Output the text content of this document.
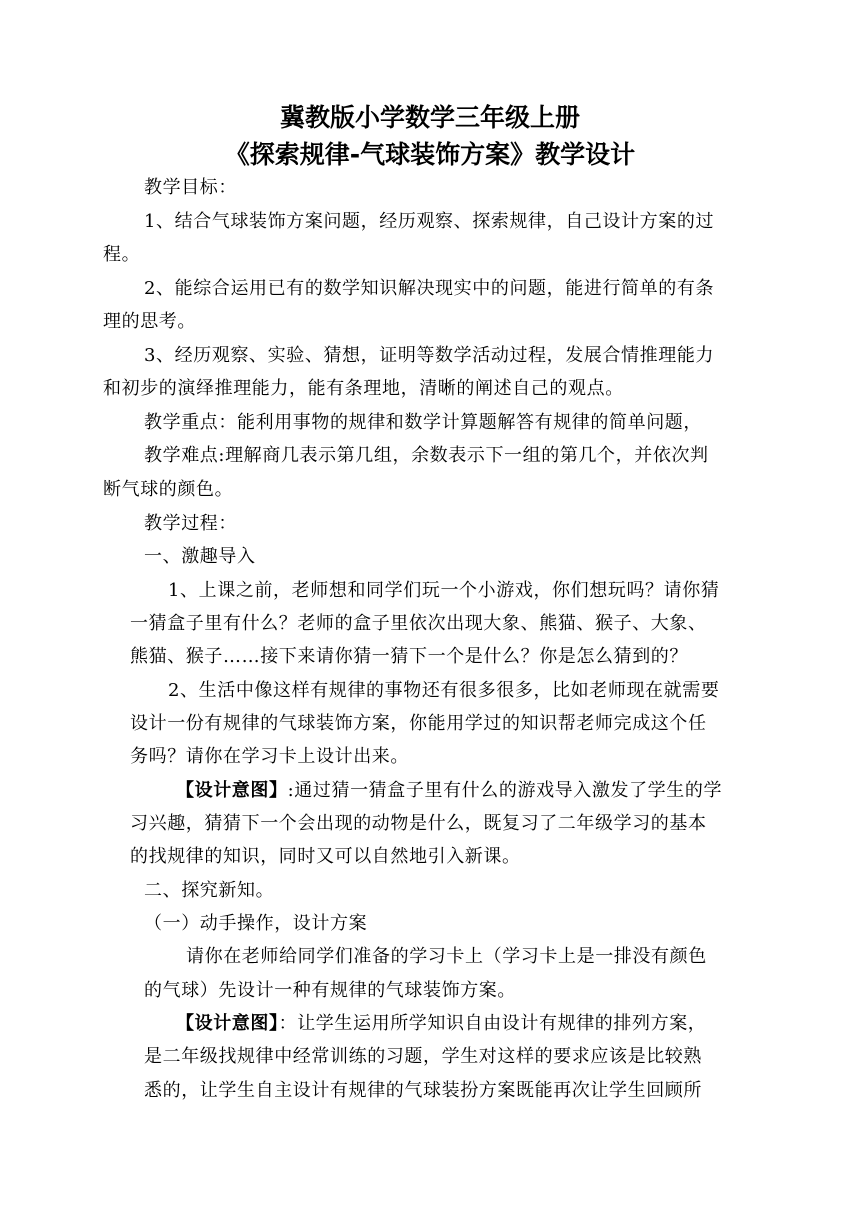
冀教版小学数学三年级上册
《探索规律-气球装饰方案》教学设计
教学目标：
1、结合气球装饰方案问题，经历观察、探索规律，自己设计方案的过
程。
2、能综合运用已有的数学知识解决现实中的问题，能进行简单的有条
理的思考。
3、经历观察、实验、猜想，证明等数学活动过程，发展合情推理能力
和初步的演绎推理能力，能有条理地，清晰的阐述自己的观点。
教学重点：能利用事物的规律和数学计算题解答有规律的简单问题，
教学难点:理解商几表示第几组，余数表示下一组的第几个，并依次判
断气球的颜色。
教学过程：
一、激趣导入
1、上课之前，老师想和同学们玩一个小游戏，你们想玩吗？请你猜
一猜盒子里有什么？老师的盒子里依次出现大象、熊猫、猴子、大象、
熊猫、猴子……接下来请你猜一猜下一个是什么？你是怎么猜到的？
2、生活中像这样有规律的事物还有很多很多，比如老师现在就需要
设计一份有规律的气球装饰方案，你能用学过的知识帮老师完成这个任
务吗？请你在学习卡上设计出来。
【设计意图】:通过猜一猜盒子里有什么的游戏导入激发了学生的学
习兴趣，猜猜下一个会出现的动物是什么，既复习了二年级学习的基本
的找规律的知识，同时又可以自然地引入新课。
二、探究新知。
（一）动手操作，设计方案
请你在老师给同学们准备的学习卡上（学习卡上是一排没有颜色
的气球）先设计一种有规律的气球装饰方案。
【设计意图】：让学生运用所学知识自由设计有规律的排列方案，
是二年级找规律中经常训练的习题，学生对这样的要求应该是比较熟
悉的，让学生自主设计有规律的气球装扮方案既能再次让学生回顾所
